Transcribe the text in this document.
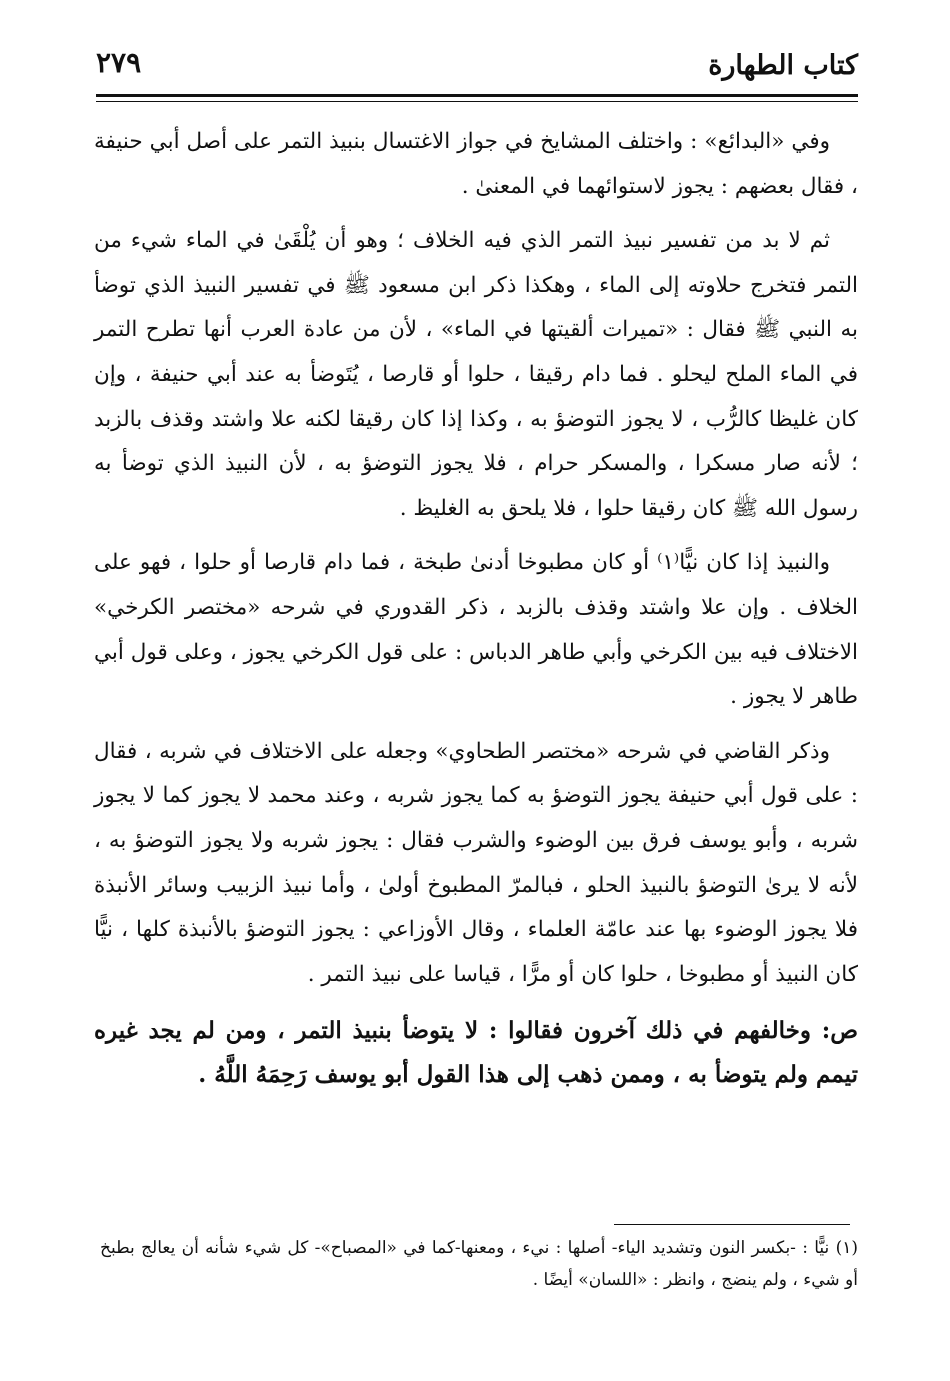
كتاب الطهارة
٢٧٩

وفي «البدائع» : واختلف المشايخ في جواز الاغتسال بنبيذ التمر على أصل أبي حنيفة ، فقال بعضهم : يجوز لاستوائهما في المعنىٰ .

ثم لا بد من تفسير نبيذ التمر الذي فيه الخلاف ؛ وهو أن يُلْقَىٰ في الماء شيء من التمر فتخرج حلاوته إلى الماء ، وهكذا ذكر ابن مسعود ﷺ في تفسير النبيذ الذي توضأ به النبي ﷺ فقال : «تميرات ألقيتها في الماء» ، لأن من عادة العرب أنها تطرح التمر في الماء الملح ليحلو . فما دام رقيقا ، حلوا أو قارصا ، يُتَوضأ به عند أبي حنيفة ، وإن كان غليظا كالرُّب ، لا يجوز التوضؤ به ، وكذا إذا كان رقيقا لكنه علا واشتد وقذف بالزبد ؛ لأنه صار مسكرا ، والمسكر حرام ، فلا يجوز التوضؤ به ، لأن النبيذ الذي توضأ به رسول الله ﷺ كان رقيقا حلوا ، فلا يلحق به الغليظ .

والنبيذ إذا كان نيًّا⁽١⁾ أو كان مطبوخا أدنىٰ طبخة ، فما دام قارصا أو حلوا ، فهو على الخلاف . وإن علا واشتد وقذف بالزبد ، ذكر القدوري في شرحه «مختصر الكرخي» الاختلاف فيه بين الكرخي وأبي طاهر الدباس : على قول الكرخي يجوز ، وعلى قول أبي طاهر لا يجوز .

وذكر القاضي في شرحه «مختصر الطحاوي» وجعله على الاختلاف في شربه ، فقال : على قول أبي حنيفة يجوز التوضؤ به كما يجوز شربه ، وعند محمد لا يجوز كما لا يجوز شربه ، وأبو يوسف فرق بين الوضوء والشرب فقال : يجوز شربه ولا يجوز التوضؤ به ، لأنه لا يرىٰ التوضؤ بالنبيذ الحلو ، فبالمرّ المطبوخ أولىٰ ، وأما نبيذ الزبيب وسائر الأنبذة فلا يجوز الوضوء بها عند عامّة العلماء ، وقال الأوزاعي : يجوز التوضؤ بالأنبذة كلها ، نيًّا كان النبيذ أو مطبوخا ، حلوا كان أو مرًّا ، قياسا على نبيذ التمر .

ص: وخالفهم في ذلك آخرون فقالوا : لا يتوضأ بنبيذ التمر ، ومن لم يجد غيره تيمم ولم يتوضأ به ، وممن ذهب إلى هذا القول أبو يوسف رَحِمَهُ اللَّهُ .

(١) نيًّا : -بكسر النون وتشديد الياء- أصلها : نيء ، ومعنها-كما في «المصباح»- كل شيء شأنه أن يعالج بطبخ أو شيء ، ولم ينضج ، وانظر : «اللسان» أيضًا .
